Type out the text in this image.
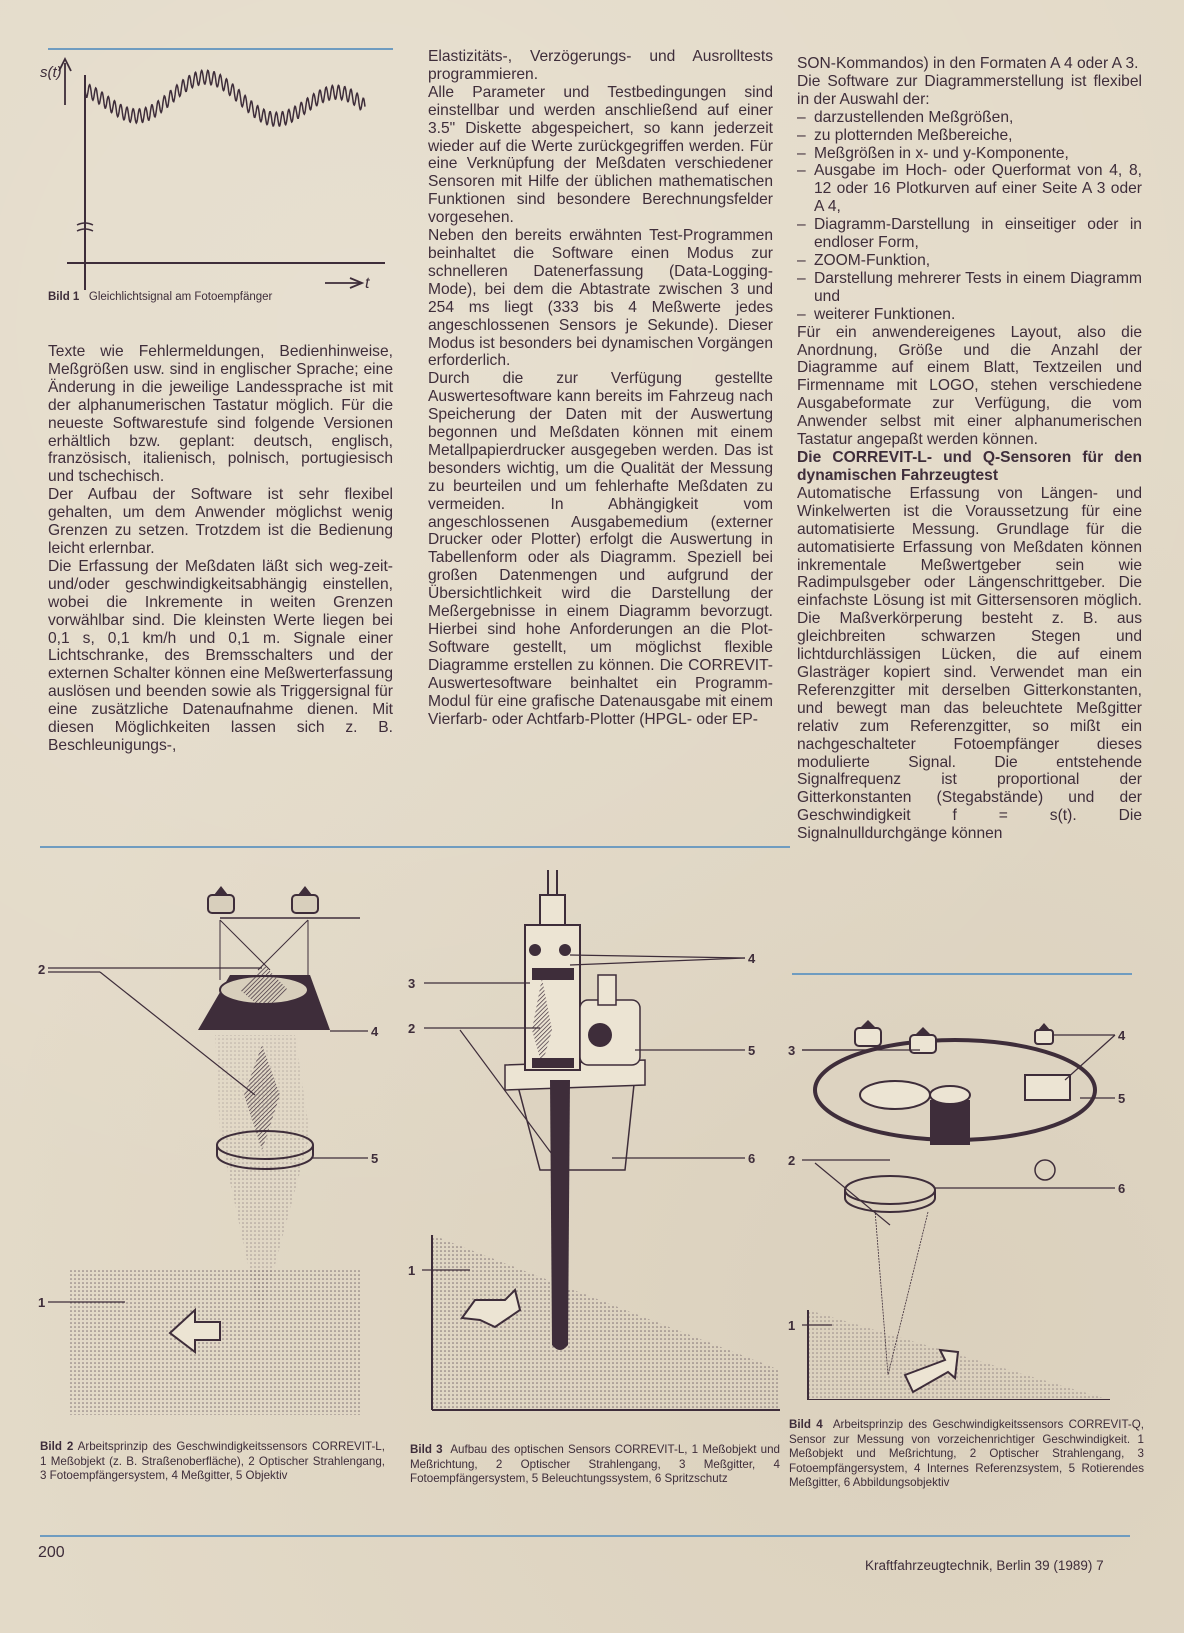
s(t)
t
Bild 1 Gleichlichtsignal am Fotoempfänger

Texte wie Fehlermeldungen, Bedienhinweise, Meßgrößen usw. sind in englischer Sprache; eine Änderung in die jeweilige Landessprache ist mit der alphanumerischen Tastatur möglich. Für die neueste Softwarestufe sind folgende Versionen erhältlich bzw. geplant: deutsch, englisch, französisch, italienisch, polnisch, portugiesisch und tschechisch.

Der Aufbau der Software ist sehr flexibel gehalten, um dem Anwender möglichst wenig Grenzen zu setzen. Trotzdem ist die Bedienung leicht erlernbar.

Die Erfassung der Meßdaten läßt sich weg-zeit- und/oder geschwindigkeitsabhängig einstellen, wobei die Inkremente in weiten Grenzen vorwählbar sind. Die kleinsten Werte liegen bei 0,1 s, 0,1 km/h und 0,1 m. Signale einer Lichtschranke, des Bremsschalters und der externen Schalter können eine Meßwerterfassung auslösen und beenden sowie als Triggersignal für eine zusätzliche Datenaufnahme dienen. Mit diesen Möglichkeiten lassen sich z. B. Beschleunigungs-,

Elastizitäts-, Verzögerungs- und Ausrolltests programmieren.

Alle Parameter und Testbedingungen sind einstellbar und werden anschließend auf einer 3.5" Diskette abgespeichert, so kann jederzeit wieder auf die Werte zurückgegriffen werden. Für eine Verknüpfung der Meßdaten verschiedener Sensoren mit Hilfe der üblichen mathematischen Funktionen sind besondere Berechnungsfelder vorgesehen.

Neben den bereits erwähnten Test-Programmen beinhaltet die Software einen Modus zur schnelleren Datenerfassung (Data-Logging-Mode), bei dem die Abtastrate zwischen 3 und 254 ms liegt (333 bis 4 Meßwerte jedes angeschlossenen Sensors je Sekunde). Dieser Modus ist besonders bei dynamischen Vorgängen erforderlich.

Durch die zur Verfügung gestellte Auswertesoftware kann bereits im Fahrzeug nach Speicherung der Daten mit der Auswertung begonnen und Meßdaten können mit einem Metallpapierdrucker ausgegeben werden. Das ist besonders wichtig, um die Qualität der Messung zu beurteilen und um fehlerhafte Meßdaten zu vermeiden. In Abhängigkeit vom angeschlossenen Ausgabemedium (externer Drucker oder Plotter) erfolgt die Auswertung in Tabellenform oder als Diagramm. Speziell bei großen Datenmengen und aufgrund der Übersichtlichkeit wird die Darstellung der Meßergebnisse in einem Diagramm bevorzugt. Hierbei sind hohe Anforderungen an die Plot-Software gestellt, um möglichst flexible Diagramme erstellen zu können. Die CORREVIT-Auswertesoftware beinhaltet ein Programm-Modul für eine grafische Datenausgabe mit einem Vierfarb- oder Achtfarb-Plotter (HPGL- oder EP-

SON-Kommandos) in den Formaten A 4 oder A 3.

Die Software zur Diagrammerstellung ist flexibel in der Auswahl der:

– darzustellenden Meßgrößen,
– zu plotternden Meßbereiche,
– Meßgrößen in x- und y-Komponente,
– Ausgabe im Hoch- oder Querformat von 4, 8, 12 oder 16 Plotkurven auf einer Seite A 3 oder A 4,
– Diagramm-Darstellung in einseitiger oder in endloser Form,
– ZOOM-Funktion,
– Darstellung mehrerer Tests in einem Diagramm und
– weiterer Funktionen.

Für ein anwendereigenes Layout, also die Anordnung, Größe und die Anzahl der Diagramme auf einem Blatt, Textzeilen und Firmenname mit LOGO, stehen verschiedene Ausgabeformate zur Verfügung, die vom Anwender selbst mit einer alphanumerischen Tastatur angepaßt werden können.

Die CORREVIT-L- und Q-Sensoren für den dynamischen Fahrzeugtest

Automatische Erfassung von Längen- und Winkelwerten ist die Voraussetzung für eine automatisierte Messung. Grundlage für die automatisierte Erfassung von Meßdaten können inkrementale Meßwertgeber sein wie Radimpulsgeber oder Längenschrittgeber. Die einfachste Lösung ist mit Gittersensoren möglich. Die Maßverkörperung besteht z. B. aus gleichbreiten schwarzen Stegen und lichtdurchlässigen Lücken, die auf einem Glasträger kopiert sind. Verwendet man ein Referenzgitter mit derselben Gitterkonstanten, und bewegt man das beleuchtete Meßgitter relativ zum Referenzgitter, so mißt ein nachgeschalteter Fotoempfänger dieses modulierte Signal. Die entstehende Signalfrequenz ist proportional der Gitterkonstanten (Stegabstände) und der Geschwindigkeit f = s(t). Die Signalnulldurchgänge können

1
2
4
5
Bild 2 Arbeitsprinzip des Geschwindigkeitssensors CORREVIT-L, 1 Meßobjekt (z. B. Straßenoberfläche), 2 Optischer Strahlengang, 3 Fotoempfängersystem, 4 Meßgitter, 5 Objektiv
1
2
3
4
5
6
Bild 3 Aufbau des optischen Sensors CORREVIT-L, 1 Meßobjekt und Meßrichtung, 2 Optischer Strahlengang, 3 Meßgitter, 4 Fotoempfängersystem, 5 Beleuchtungssystem, 6 Spritzschutz
1
2
3
4
5
6
Bild 4 Arbeitsprinzip des Geschwindigkeitssensors CORREVIT-Q, Sensor zur Messung von vorzeichenrichtiger Geschwindigkeit. 1 Meßobjekt und Meßrichtung, 2 Optischer Strahlengang, 3 Fotoempfängersystem, 4 Internes Referenzsystem, 5 Rotierendes Meßgitter, 6 Abbildungsobjektiv
200
Kraftfahrzeugtechnik, Berlin 39 (1989) 7
